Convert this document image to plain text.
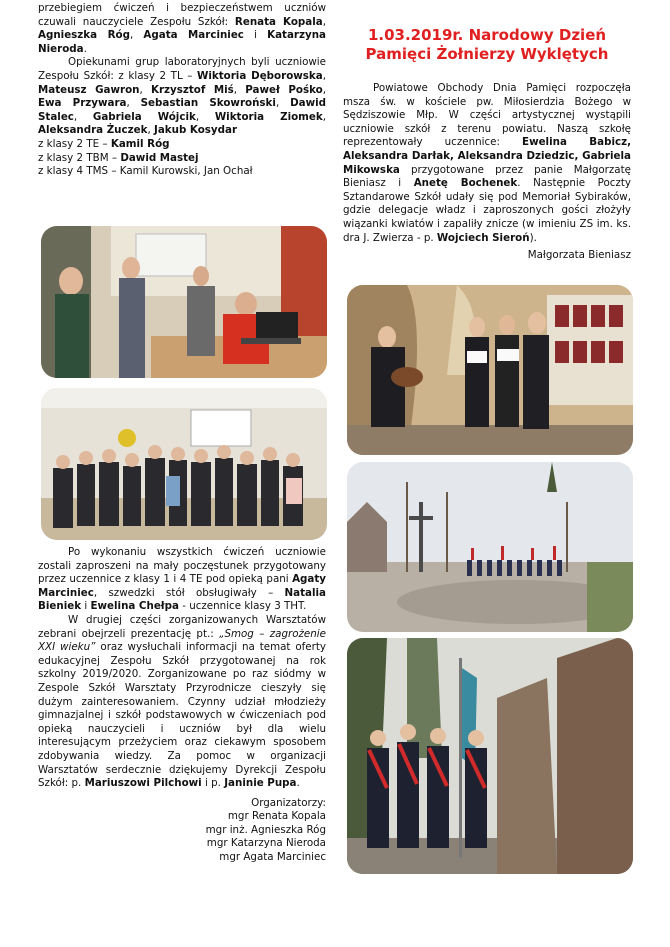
przebiegiem ćwiczeń i bezpieczeństwem uczniów czuwali nauczyciele Zespołu Szkół: Renata Kopala, Agnieszka Róg, Agata Marciniec i Katarzyna Nieroda.

Opiekunami grup laboratoryjnych byli uczniowie Zespołu Szkół: z klasy 2 TL – Wiktoria Dęborowska, Mateusz Gawron, Krzysztof Miś, Paweł Pośko, Ewa Przywara, Sebastian Skowroński, Dawid Stalec, Gabriela Wójcik, Wiktoria Ziomek, Aleksandra Żuczek, Jakub Kosydar

z klasy 2 TE – Kamil Róg

z klasy 2 TBM – Dawid Mastej

z klasy 4 TMS – Kamil Kurowski, Jan Ochał

Po wykonaniu wszystkich ćwiczeń uczniowie zostali zaproszeni na mały poczęstunek przygotowany przez uczennice z klasy 1 i 4 TE pod opieką pani Agaty Marciniec, szwedzki stół obsługiwały – Natalia Bieniek i Ewelina Chełpa - uczennice klasy 3 THT.

W drugiej części zorganizowanych Warsztatów zebrani obejrzeli prezentację pt.: „Smog – zagrożenie XXI wieku” oraz wysłuchali informacji na temat oferty edukacyjnej Zespołu Szkół przygotowanej na rok szkolny 2019/2020. Zorganizowane po raz siódmy w Zespole Szkół Warsztaty Przyrodnicze cieszyły się dużym zainteresowaniem. Czynny udział młodzieży gimnazjalnej i szkół podstawowych w ćwiczeniach pod opieką nauczycieli i uczniów był dla wielu interesującym przeżyciem oraz ciekawym sposobem zdobywania wiedzy. Za pomoc w organizacji Warsztatów serdecznie dziękujemy Dyrekcji Zespołu Szkół: p. Mariuszowi Pilchowi i p. Janinie Pupa.

Organizatorzy:

mgr Renata Kopala

mgr inż. Agnieszka Róg

mgr Katarzyna Nieroda

mgr Agata Marciniec

1.03.2019r. Narodowy Dzień
Pamięci Żołnierzy Wyklętych

Powiatowe Obchody Dnia Pamięci rozpoczęła msza św. w kościele pw. Miłosierdzia Bożego w Sędziszowie Młp. W części artystycznej wystąpili uczniowie szkół z terenu powiatu. Naszą szkołę reprezentowały uczennice: Ewelina Babicz, Aleksandra Darłak, Aleksandra Dziedzic, Gabriela Mikowska przygotowane przez panie Małgorzatę Bieniasz i Anetę Bochenek. Następnie Poczty Sztandarowe Szkół udały się pod Memoriał Sybiraków, gdzie delegacje władz i zaproszonych gości złożyły wiązanki kwiatów i zapaliły znicze (w imieniu ZS im. ks. dra J. Zwierza - p. Wojciech Sieroń).

Małgorzata Bieniasz
